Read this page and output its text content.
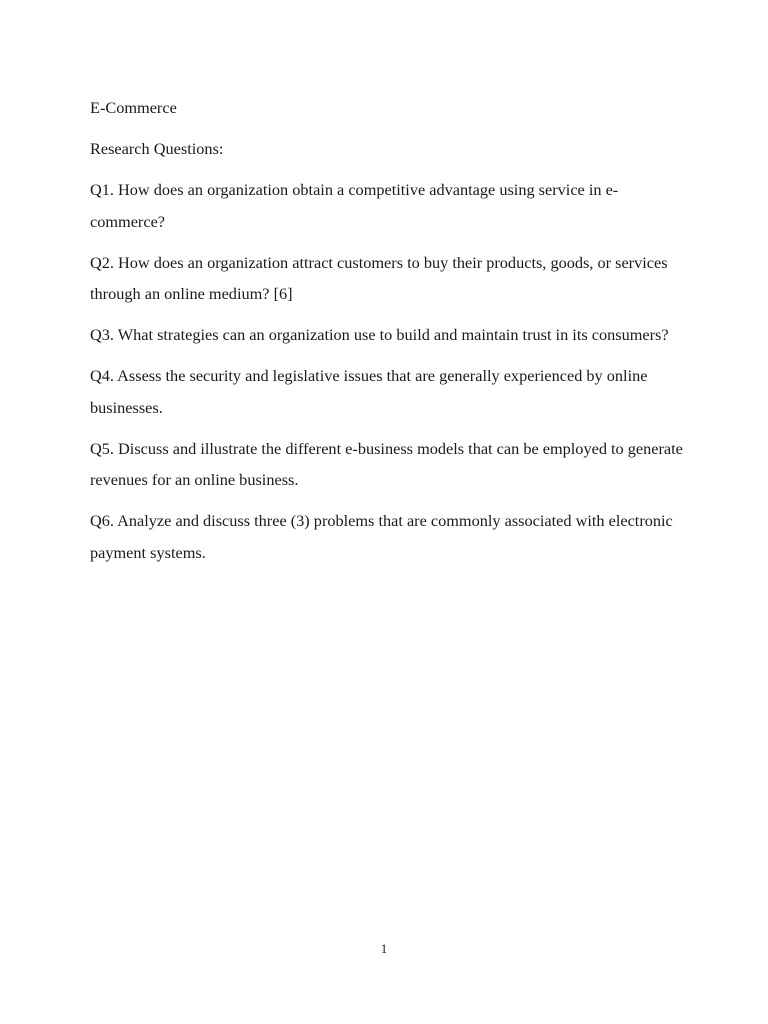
E-Commerce

Research Questions:

Q1. How does an organization obtain a competitive advantage using service in e-commerce?

Q2. How does an organization attract customers to buy their products, goods, or services through an online medium? [6]

Q3. What strategies can an organization use to build and maintain trust in its consumers?

Q4. Assess the security and legislative issues that are generally experienced by online businesses.

Q5. Discuss and illustrate the different e-business models that can be employed to generate revenues for an online business.

Q6. Analyze and discuss three (3) problems that are commonly associated with electronic payment systems.

1
